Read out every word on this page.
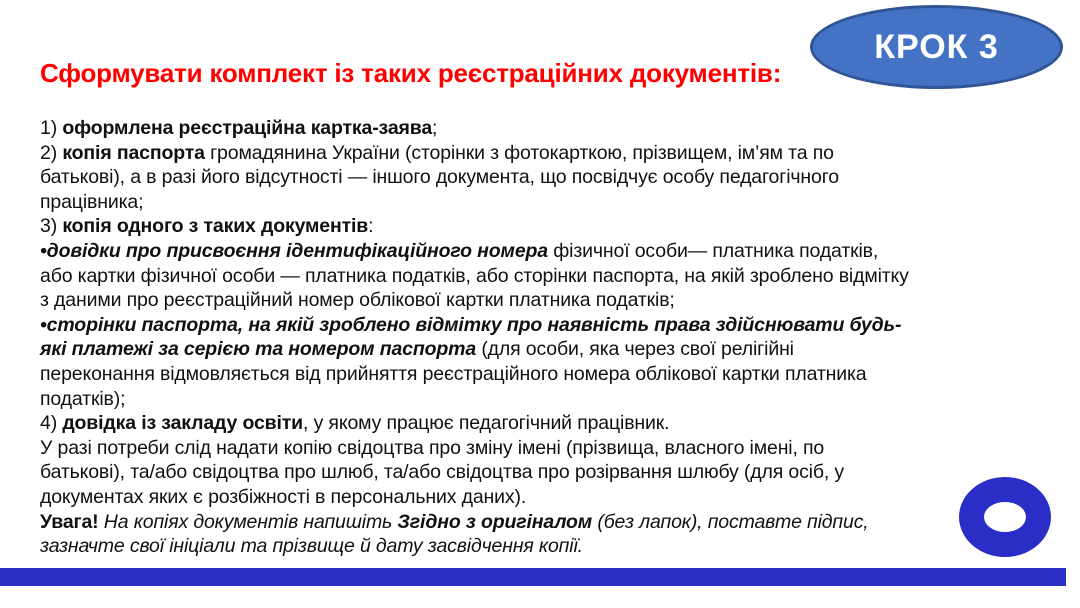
КРОК 3
Сформувати комплект із таких реєстраційних документів:
1) оформлена реєстраційна картка-заява;
2) копія паспорта громадянина України (сторінки з фотокарткою, прізвищем, ім’ям та по
батькові), а в разі його відсутності — іншого документа, що посвідчує особу педагогічного
працівника;
3) копія одного з таких документів:
•довідки про присвоєння ідентифікаційного номера фізичної особи— платника податків,
або картки фізичної особи — платника податків, або сторінки паспорта, на якій зроблено відмітку
з даними про реєстраційний номер облікової картки платника податків;
•сторінки паспорта, на якій зроблено відмітку про наявність права здійснювати будь-
які платежі за серією та номером паспорта (для особи, яка через свої релігійні
переконання відмовляється від прийняття реєстраційного номера облікової картки платника
податків);
4) довідка із закладу освіти, у якому працює педагогічний працівник.
У разі потреби слід надати копію свідоцтва про зміну імені (прізвища, власного імені, по
батькові), та/або свідоцтва про шлюб, та/або свідоцтва про розірвання шлюбу (для осіб, у
документах яких є розбіжності в персональних даних).
Увага! На копіях документів напишіть Згідно з оригіналом (без лапок), поставте підпис,
зазначте свої ініціали та прізвище й дату засвідчення копії.
